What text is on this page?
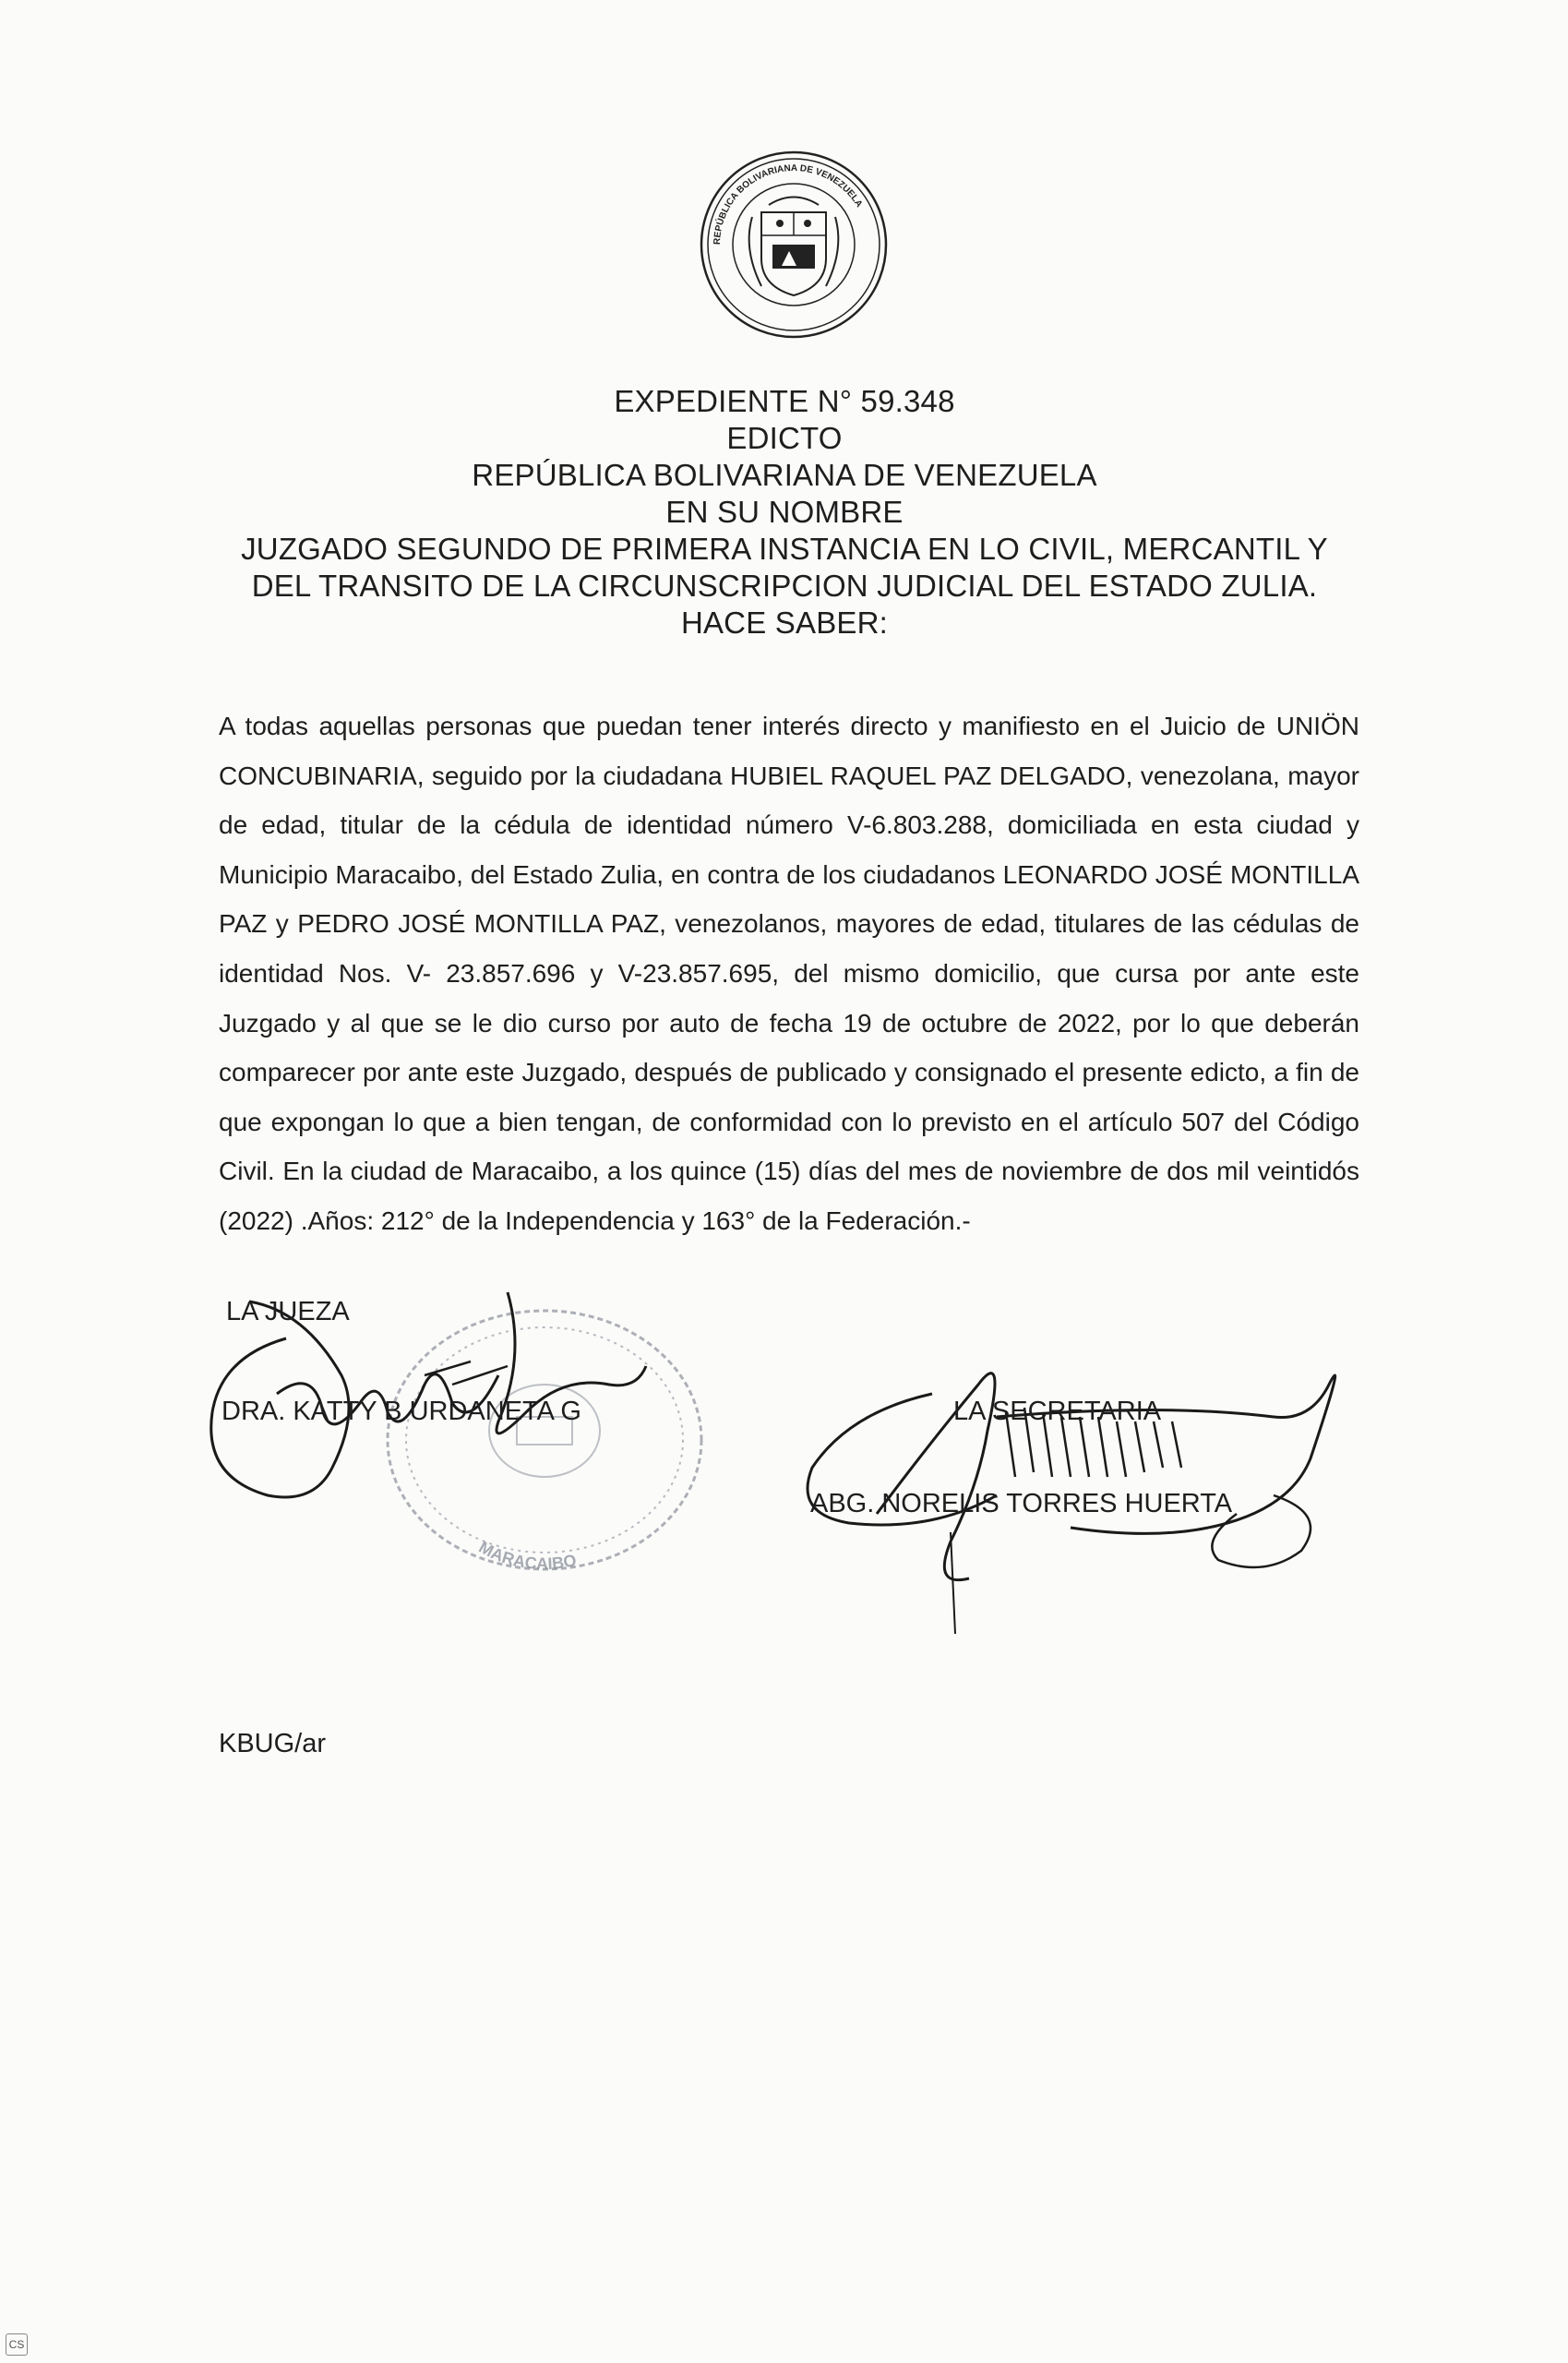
REPÚBLICA BOLIVARIANA DE VENEZUELA
EXPEDIENTE N° 59.348
EDICTO
REPÚBLICA BOLIVARIANA DE VENEZUELA
EN SU NOMBRE
JUZGADO SEGUNDO DE PRIMERA INSTANCIA EN LO CIVIL, MERCANTIL Y
DEL TRANSITO DE LA CIRCUNSCRIPCION JUDICIAL DEL ESTADO ZULIA.
HACE SABER:
A todas aquellas personas que puedan tener interés directo y manifiesto en el Juicio de UNIÖN CONCUBINARIA, seguido por la ciudadana HUBIEL RAQUEL PAZ DELGADO, venezolana, mayor de edad, titular de la cédula de identidad número V-6.803.288, domiciliada en esta ciudad y Municipio Maracaibo, del Estado Zulia, en contra de los ciudadanos LEONARDO JOSÉ MONTILLA PAZ y PEDRO JOSÉ MONTILLA PAZ, venezolanos, mayores de edad, titulares de las cédulas de identidad Nos. V- 23.857.696 y V-23.857.695, del mismo domicilio, que cursa por ante este Juzgado y al que se le dio curso por auto de fecha 19 de octubre de 2022, por lo que deberán comparecer por ante este Juzgado, después de publicado y consignado el presente edicto, a fin de que expongan lo que a bien tengan, de conformidad con lo previsto en el artículo 507 del Código Civil. En la ciudad de Maracaibo, a los quince (15) días del mes de noviembre de dos mil veintidós (2022) .Años: 212° de la Independencia y 163° de la Federación.-
MARACAIBO
LA JUEZA
DRA. KATTY B URDANETA G	LA SECRETARIA
ABG. NORELIS TORRES HUERTA
KBUG/ar
CS
